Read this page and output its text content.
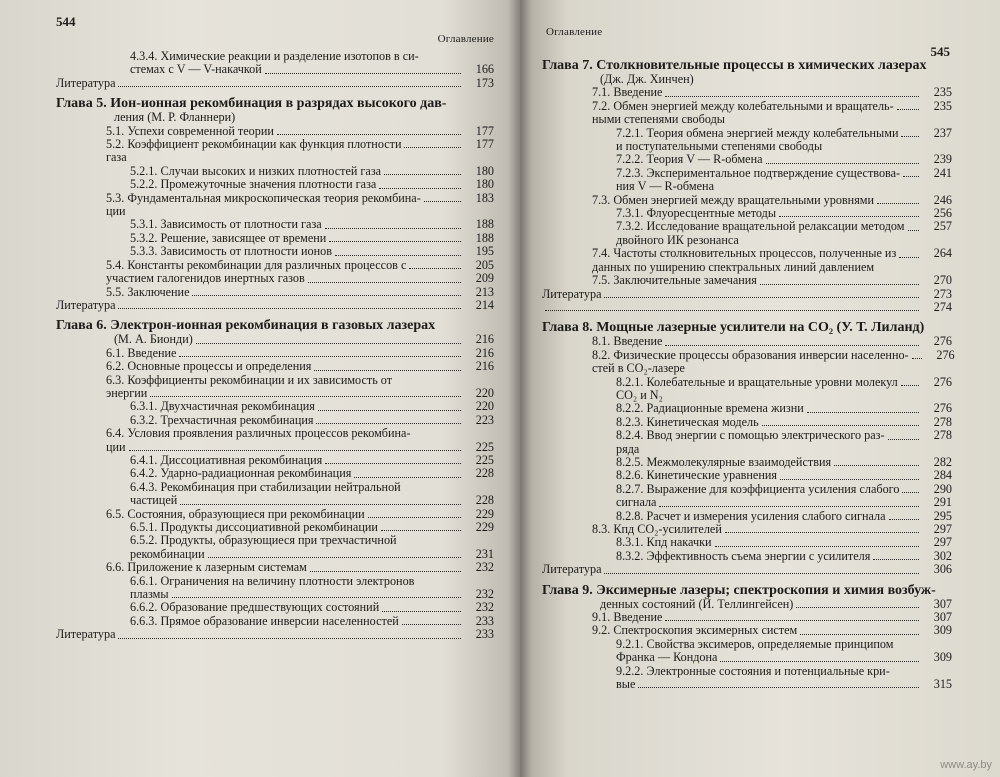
544
Оглавление
4.3.4. Химические реакции и разделение изотопов в си-
стемах с V — V-накачкой	166
Литература	173
Глава 5. Ион-ионная рекомбинация в разрядах высокого дав-
ления (М. Р. Фланнери)
5.1. Успехи современной теории	177
5.2. Коэффициент рекомбинации как функция плотности	177
газа
5.2.1. Случаи высоких и низких плотностей газа	180
5.2.2. Промежуточные значения плотности газа	180
5.3. Фундаментальная микроскопическая теория рекомбина-	183
ции
5.3.1. Зависимость от плотности газа	188
5.3.2. Решение, зависящее от времени	188
5.3.3. Зависимость от плотности ионов	195
5.4. Константы рекомбинации для различных процессов с	205
участием галогенидов инертных газов	209
5.5. Заключение	213
Литература	214
Глава 6. Электрон-ионная рекомбинация в газовых лазерах
(М. А. Бионди)	216
6.1. Введение	216
6.2. Основные процессы и определения	216
6.3. Коэффициенты рекомбинации и их зависимость от
энергии	220
6.3.1. Двухчастичная рекомбинация	220
6.3.2. Трехчастичная рекомбинация	223
6.4. Условия проявления различных процессов рекомбина-
ции	225
6.4.1. Диссоциативная рекомбинация	225
6.4.2. Ударно-радиационная рекомбинация	228
6.4.3. Рекомбинация при стабилизации нейтральной
частицей	228
6.5. Состояния, образующиеся при рекомбинации	229
6.5.1. Продукты диссоциативной рекомбинации	229
6.5.2. Продукты, образующиеся при трехчастичной
рекомбинации	231
6.6. Приложение к лазерным системам	232
6.6.1. Ограничения на величину плотности электронов
плазмы	232
6.6.2. Образование предшествующих состояний	232
6.6.3. Прямое образование инверсии населенностей	233
Литература	233
Оглавление
545
Глава 7. Столкновительные процессы в химических лазерах
(Дж. Дж. Хинчен)
7.1. Введение	235
7.2. Обмен энергией между колебательными и вращатель-	235
ными степенями свободы
7.2.1. Теория обмена энергией между колебательными	237
и поступательными степенями свободы
7.2.2. Теория V — R-обмена	239
7.2.3. Экспериментальное подтверждение существова-	241
ния V — R-обмена
7.3. Обмен энергией между вращательными уровнями	246
7.3.1. Флуоресцентные методы	256
7.3.2. Исследование вращательной релаксации методом	257
двойного ИК резонанса
7.4. Частоты столкновительных процессов, полученные из	264
данных по уширению спектральных линий давлением
7.5. Заключительные замечания	270
Литература	273
274
Глава 8. Мощные лазерные усилители на CO₂ (У. Т. Лиланд)
8.1. Введение	276
8.2. Физические процессы образования инверсии населенно-	276
стей в CO₂-лазере
8.2.1. Колебательные и вращательные уровни молекул	276
CO₂ и N₂
8.2.2. Радиационные времена жизни	276
8.2.3. Кинетическая модель	278
8.2.4. Ввод энергии с помощью электрического раз-	278
ряда
8.2.5. Межмолекулярные взаимодействия	282
8.2.6. Кинетические уравнения	284
8.2.7. Выражение для коэффициента усиления слабого	290
сигнала	291
8.2.8. Расчет и измерения усиления слабого сигнала	295
8.3. Кпд CO₂-усилителей	297
8.3.1. Кпд накачки	297
8.3.2. Эффективность съема энергии с усилителя	302
Литература	306
Глава 9. Эксимерные лазеры; спектроскопия и химия возбуж-
денных состояний (Й. Теллингейсен)	307
9.1. Введение	307
9.2. Спектроскопия эксимерных систем	309
9.2.1. Свойства эксимеров, определяемые принципом
Франка — Кондона	309
9.2.2. Электронные состояния и потенциальные кри-
вые	315
www.ay.by
